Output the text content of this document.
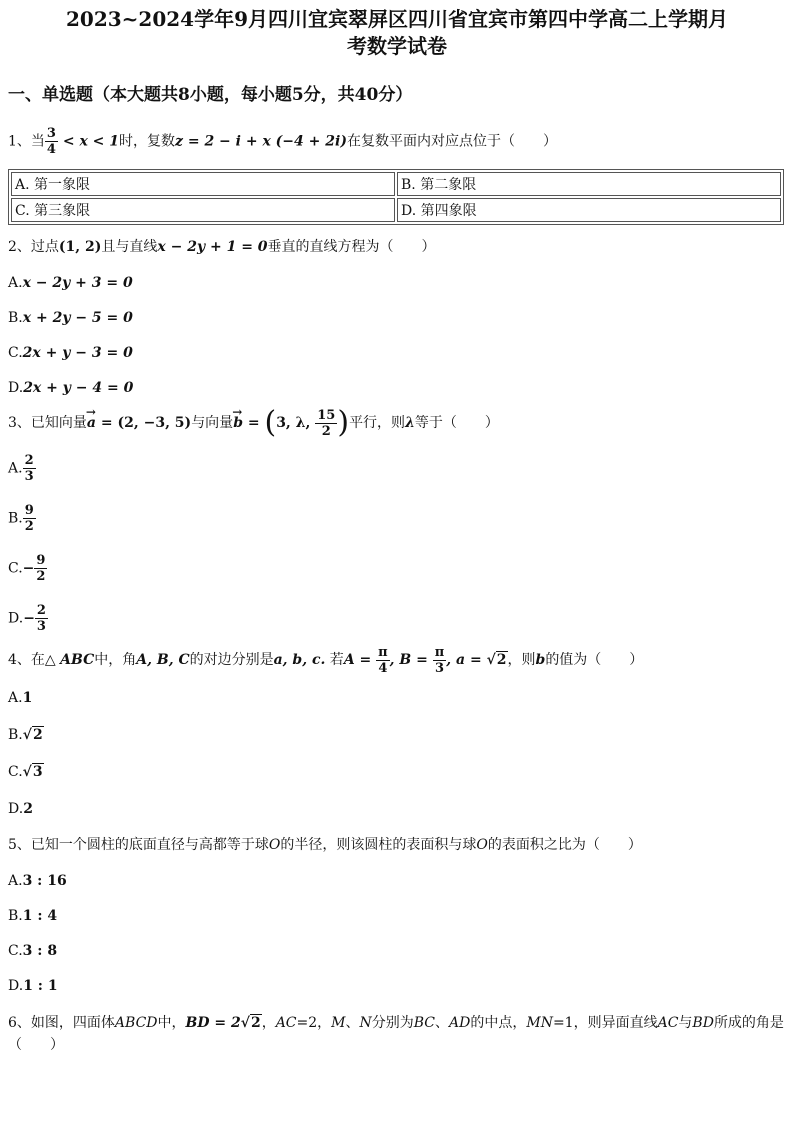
2023~2024学年9月四川宜宾翠屏区四川省宜宾市第四中学高二上学期月
考数学试卷
一、单选题（本大题共8小题，每小题5分，共40分）
1、当 $\frac{3}{4} < x < 1$时，复数z = 2 − i + x (−4 + 2i)在复数平面内对应点位于（　　）
A. 第一象限	B. 第二象限
C. 第三象限	D. 第四象限
2、过点(1, 2)且与直线x − 2y + 1 = 0垂直的直线方程为（　　）
A.x − 2y + 3 = 0
B.x + 2y − 5 = 0
C.2x + y − 3 = 0
D.2x + y − 4 = 0
3、已知向量→ a = (2, −3, 5)与向量→ b = (3, λ, $\frac{15}{2}$ )平行，则λ等于（　　）
A. $\frac{2}{3}$
B. $\frac{9}{2}$
$C.- \frac{9}{2}$
$D.- \frac{2}{3}$
4、在△ ABC中，角A, B, C的对边分别是a, b, c. 若$A = \frac{\pi}{4}$ , $B = \frac{\pi}{3}$ , a = √2，则b的值为（　　）
A.1
B.√2
C.√3
D.2
5、已知一个圆柱的底面直径与高都等于球O的半径，则该圆柱的表面积与球O的表面积之比为（　　）
A.3 : 16
B.1 : 4
C.3 : 8
D.1 : 1
6、如图，四面体ABCD中，BD = 2√2，AC=2，M、N分别为BC、AD的中点，MN=1，则异面直线AC与BD所成的角是（　　）
